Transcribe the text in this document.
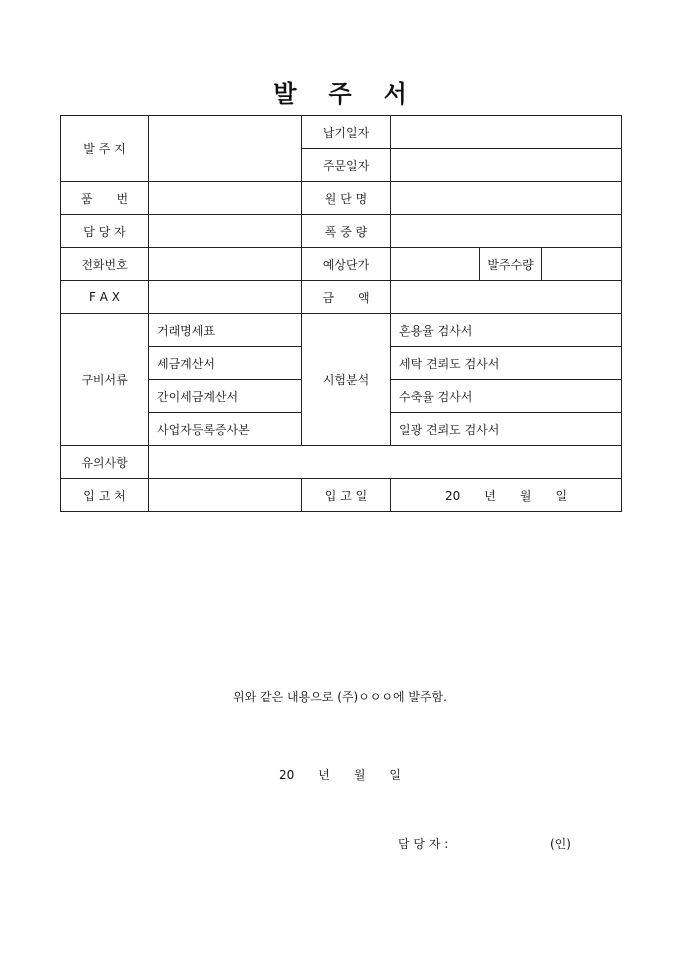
발 주 서
발 주 지		납기일자			
		주문일자			
품　　번		원 단 명			
담 당 자		폭 중 량			
전화번호		예상단가		발주수량	
F A X		금　　액			
구비서류	거래명세표	시험분석	혼용율 검사서		
	세금계산서		세탁 견뢰도 검사서		
	간이세금계산서		수축율 검사서		
	사업자등록증사본		일광 견뢰도 검사서		
유의사항					
입 고 처		입 고 일	20　　년　　월　　일		
위와 같은 내용으로 (주)ㅇㅇㅇ에 발주함.
20　　년　　월　　일
담 당 자 :	(인)
